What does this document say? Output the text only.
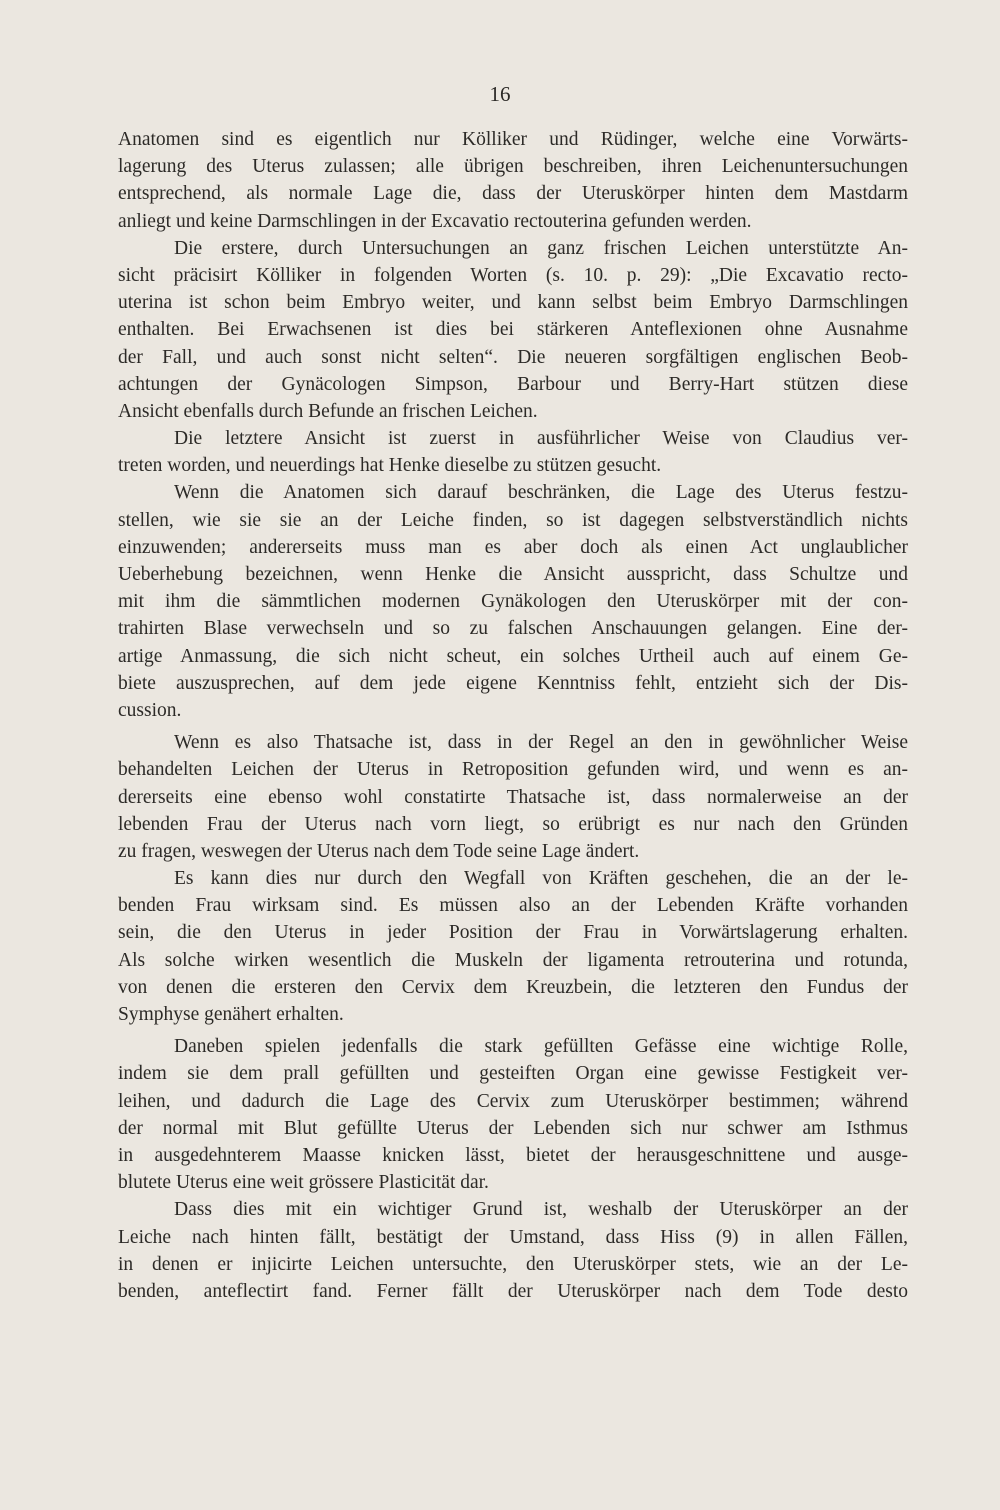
16
Anatomen sind es eigentlich nur Kölliker und Rüdinger, welche eine Vorwärts-
lagerung des Uterus zulassen; alle übrigen beschreiben, ihren Leichenuntersuchungen
entsprechend, als normale Lage die, dass der Uteruskörper hinten dem Mastdarm
anliegt und keine Darmschlingen in der Excavatio rectouterina gefunden werden.
Die erstere, durch Untersuchungen an ganz frischen Leichen unterstützte An-
sicht präcisirt Kölliker in folgenden Worten (s. 10. p. 29): „Die Excavatio recto-
uterina ist schon beim Embryo weiter, und kann selbst beim Embryo Darmschlingen
enthalten. Bei Erwachsenen ist dies bei stärkeren Anteflexionen ohne Ausnahme
der Fall, und auch sonst nicht selten“. Die neueren sorgfältigen englischen Beob-
achtungen der Gynäcologen Simpson, Barbour und Berry-Hart stützen diese
Ansicht ebenfalls durch Befunde an frischen Leichen.
Die letztere Ansicht ist zuerst in ausführlicher Weise von Claudius ver-
treten worden, und neuerdings hat Henke dieselbe zu stützen gesucht.
Wenn die Anatomen sich darauf beschränken, die Lage des Uterus festzu-
stellen, wie sie sie an der Leiche finden, so ist dagegen selbstverständlich nichts
einzuwenden; andererseits muss man es aber doch als einen Act unglaublicher
Ueberhebung bezeichnen, wenn Henke die Ansicht ausspricht, dass Schultze und
mit ihm die sämmtlichen modernen Gynäkologen den Uteruskörper mit der con-
trahirten Blase verwechseln und so zu falschen Anschauungen gelangen. Eine der-
artige Anmassung, die sich nicht scheut, ein solches Urtheil auch auf einem Ge-
biete auszusprechen, auf dem jede eigene Kenntniss fehlt, entzieht sich der Dis-
cussion.
Wenn es also Thatsache ist, dass in der Regel an den in gewöhnlicher Weise
behandelten Leichen der Uterus in Retroposition gefunden wird, und wenn es an-
dererseits eine ebenso wohl constatirte Thatsache ist, dass normalerweise an der
lebenden Frau der Uterus nach vorn liegt, so erübrigt es nur nach den Gründen
zu fragen, weswegen der Uterus nach dem Tode seine Lage ändert.
Es kann dies nur durch den Wegfall von Kräften geschehen, die an der le-
benden Frau wirksam sind. Es müssen also an der Lebenden Kräfte vorhanden
sein, die den Uterus in jeder Position der Frau in Vorwärtslagerung erhalten.
Als solche wirken wesentlich die Muskeln der ligamenta retrouterina und rotunda,
von denen die ersteren den Cervix dem Kreuzbein, die letzteren den Fundus der
Symphyse genähert erhalten.
Daneben spielen jedenfalls die stark gefüllten Gefässe eine wichtige Rolle,
indem sie dem prall gefüllten und gesteiften Organ eine gewisse Festigkeit ver-
leihen, und dadurch die Lage des Cervix zum Uteruskörper bestimmen; während
der normal mit Blut gefüllte Uterus der Lebenden sich nur schwer am Isthmus
in ausgedehnterem Maasse knicken lässt, bietet der herausgeschnittene und ausge-
blutete Uterus eine weit grössere Plasticität dar.
Dass dies mit ein wichtiger Grund ist, weshalb der Uteruskörper an der
Leiche nach hinten fällt, bestätigt der Umstand, dass Hiss (9) in allen Fällen,
in denen er injicirte Leichen untersuchte, den Uteruskörper stets, wie an der Le-
benden, anteflectirt fand. Ferner fällt der Uteruskörper nach dem Tode desto
